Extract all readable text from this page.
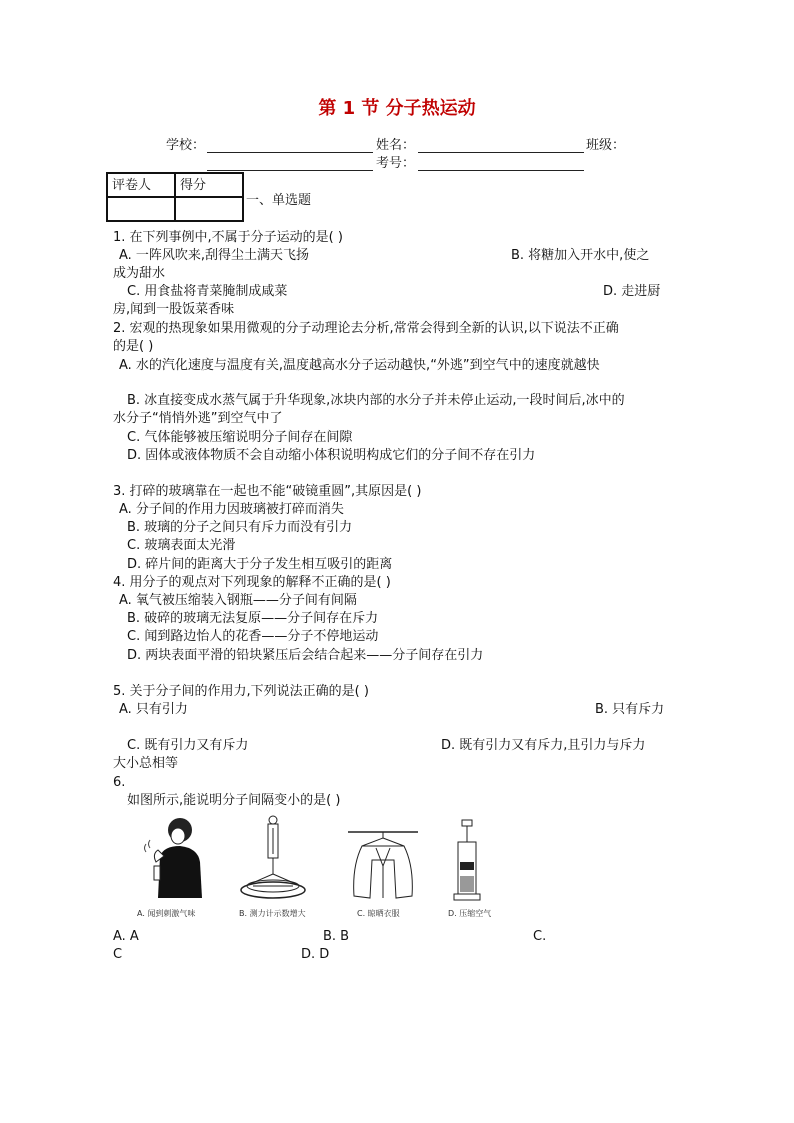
第 1 节 分子热运动
学校：	姓名：	班级：
考号：
评卷人	得分

一、单选题
1. 在下列事例中,不属于分子运动的是( )
A. 一阵风吹来,刮得尘土满天飞扬	B. 将糖加入开水中,使之
成为甜水
C. 用食盐将青菜腌制成咸菜	D. 走进厨
房,闻到一股饭菜香味
2. 宏观的热现象如果用微观的分子动理论去分析,常常会得到全新的认识,以下说法不正确
的是( )
A. 水的汽化速度与温度有关,温度越高水分子运动越快,“外逃”到空气中的速度就越快
B. 冰直接变成水蒸气属于升华现象,冰块内部的水分子并未停止运动,一段时间后,冰中的
水分子“悄悄外逃”到空气中了
C. 气体能够被压缩说明分子间存在间隙
D. 固体或液体物质不会自动缩小体积说明构成它们的分子间不存在引力
3. 打碎的玻璃靠在一起也不能“破镜重圆”,其原因是( )
A. 分子间的作用力因玻璃被打碎而消失
B. 玻璃的分子之间只有斥力而没有引力
C. 玻璃表面太光滑
D. 碎片间的距离大于分子发生相互吸引的距离
4. 用分子的观点对下列现象的解释不正确的是( )
A. 氧气被压缩装入钢瓶——分子间有间隔
B. 破碎的玻璃无法复原——分子间存在斥力
C. 闻到路边怡人的花香——分子不停地运动
D. 两块表面平滑的铅块紧压后会结合起来——分子间存在引力
5. 关于分子间的作用力,下列说法正确的是( )
A. 只有引力	B. 只有斥力
C. 既有引力又有斥力	D. 既有引力又有斥力,且引力与斥力
大小总相等
6.
如图所示,能说明分子间隔变小的是( )
A. 闻到刺激气味	B. 测力计示数增大	C. 晾晒衣服	D. 压缩空气
A. A	B. B	C.
C	D. D
